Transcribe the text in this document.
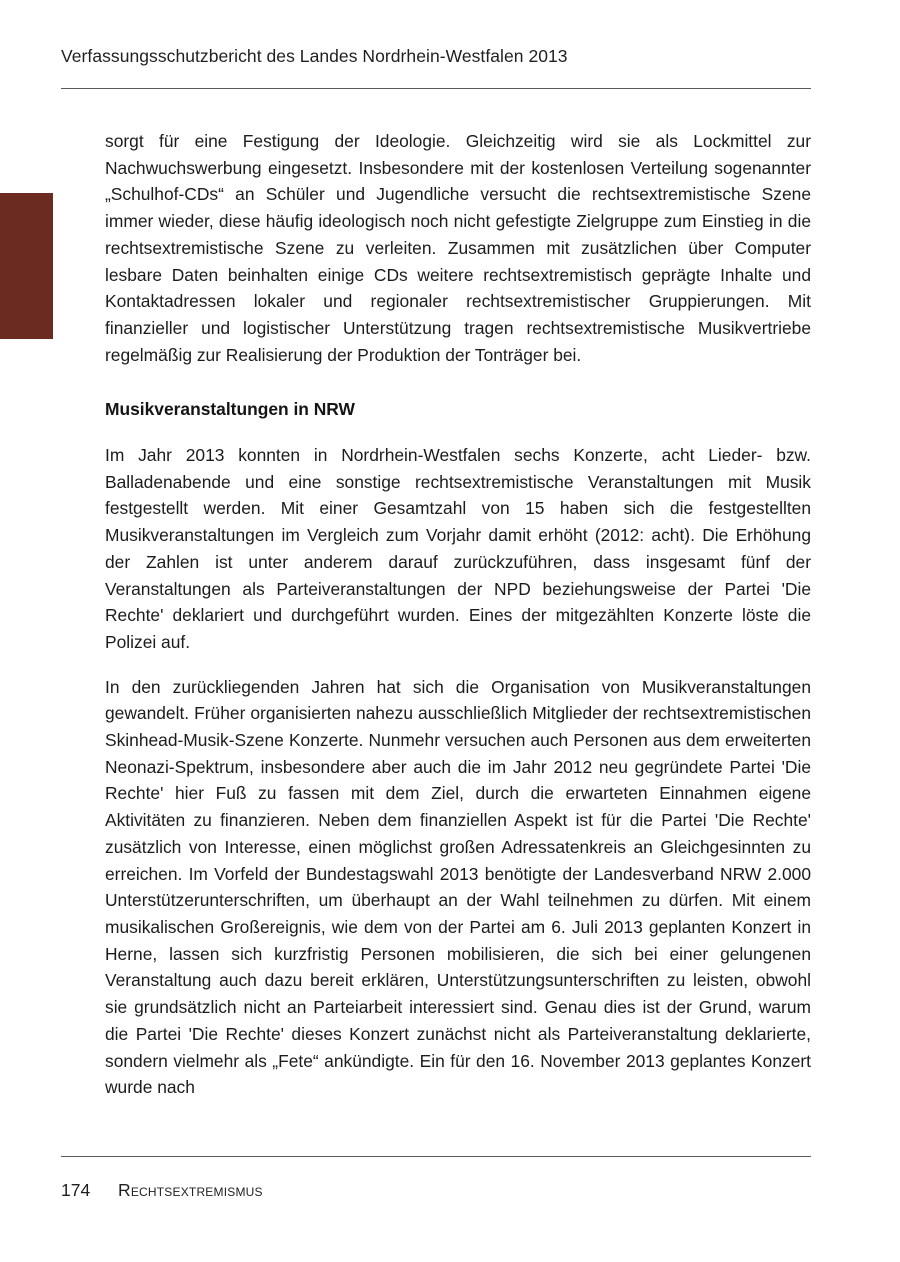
Verfassungsschutzbericht des Landes Nordrhein-Westfalen 2013

sorgt für eine Festigung der Ideologie. Gleichzeitig wird sie als Lockmittel zur Nachwuchswerbung eingesetzt. Insbesondere mit der kostenlosen Verteilung sogenannter „Schulhof-CDs“ an Schüler und Jugendliche versucht die rechtsextremistische Szene immer wieder, diese häufig ideologisch noch nicht gefestigte Zielgruppe zum Einstieg in die rechtsextremistische Szene zu verleiten. Zusammen mit zusätzlichen über Computer lesbare Daten beinhalten einige CDs weitere rechtsextremistisch geprägte Inhalte und Kontaktadressen lokaler und regionaler rechtsextremistischer Gruppierungen. Mit finanzieller und logistischer Unterstützung tragen rechtsextremistische Musikvertriebe regelmäßig zur Realisierung der Produktion der Tonträger bei.

Musikveranstaltungen in NRW

Im Jahr 2013 konnten in Nordrhein-Westfalen sechs Konzerte, acht Lieder- bzw. Balladenabende und eine sonstige rechtsextremistische Veranstaltungen mit Musik festgestellt werden. Mit einer Gesamtzahl von 15 haben sich die festgestellten Musikveranstaltungen im Vergleich zum Vorjahr damit erhöht (2012: acht). Die Erhöhung der Zahlen ist unter anderem darauf zurückzuführen, dass insgesamt fünf der Veranstaltungen als Parteiveranstaltungen der NPD beziehungsweise der Partei 'Die Rechte' deklariert und durchgeführt wurden. Eines der mitgezählten Konzerte löste die Polizei auf.

In den zurückliegenden Jahren hat sich die Organisation von Musikveranstaltungen gewandelt. Früher organisierten nahezu ausschließlich Mitglieder der rechtsextremistischen Skinhead-Musik-Szene Konzerte. Nunmehr versuchen auch Personen aus dem erweiterten Neonazi-Spektrum, insbesondere aber auch die im Jahr 2012 neu gegründete Partei 'Die Rechte' hier Fuß zu fassen mit dem Ziel, durch die erwarteten Einnahmen eigene Aktivitäten zu finanzieren. Neben dem finanziellen Aspekt ist für die Partei 'Die Rechte' zusätzlich von Interesse, einen möglichst großen Adressatenkreis an Gleichgesinnten zu erreichen. Im Vorfeld der Bundestagswahl 2013 benötigte der Landesverband NRW 2.000 Unterstützerunterschriften, um überhaupt an der Wahl teilnehmen zu dürfen. Mit einem musikalischen Großereignis, wie dem von der Partei am 6. Juli 2013 geplanten Konzert in Herne, lassen sich kurzfristig Personen mobilisieren, die sich bei einer gelungenen Veranstaltung auch dazu bereit erklären, Unterstützungsunterschriften zu leisten, obwohl sie grundsätzlich nicht an Parteiarbeit interessiert sind. Genau dies ist der Grund, warum die Partei 'Die Rechte' dieses Konzert zunächst nicht als Parteiveranstaltung deklarierte, sondern vielmehr als „Fete“ ankündigte. Ein für den 16. November 2013 geplantes Konzert wurde nach

174 Rechtsextremismus
